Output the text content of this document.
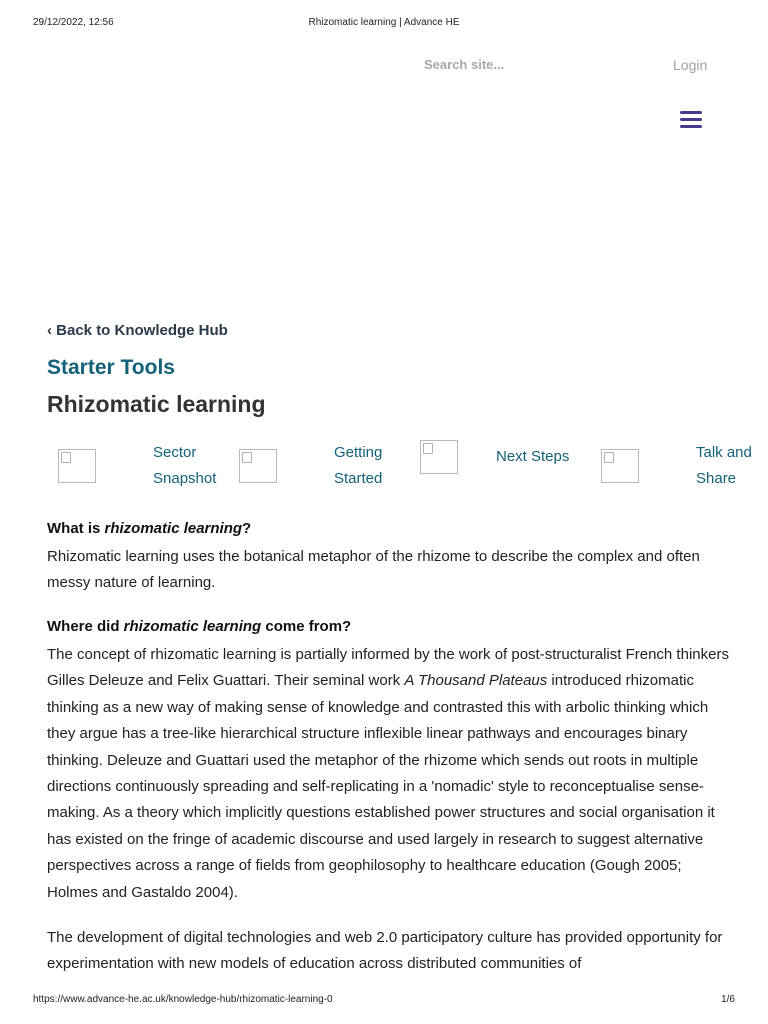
29/12/2022, 12:56	Rhizomatic learning | Advance HE
Search site...
Login
‹ Back to Knowledge Hub
Starter Tools
Rhizomatic learning
Sector
Snapshot
Getting
Started
Next Steps	Talk and
Share
What is rhizomatic learning?

Rhizomatic learning uses the botanical metaphor of the rhizome to describe the complex and often messy nature of learning.

Where did rhizomatic learning come from?

The concept of rhizomatic learning is partially informed by the work of post-structuralist French thinkers Gilles Deleuze and Felix Guattari. Their seminal work A Thousand Plateaus introduced rhizomatic thinking as a new way of making sense of knowledge and contrasted this with arbolic thinking which they argue has a tree-like hierarchical structure inflexible linear pathways and encourages binary thinking. Deleuze and Guattari used the metaphor of the rhizome which sends out roots in multiple directions continuously spreading and self-replicating in a 'nomadic' style to reconceptualise sense-making. As a theory which implicitly questions established power structures and social organisation it has existed on the fringe of academic discourse and used largely in research to suggest alternative perspectives across a range of fields from geophilosophy to healthcare education (Gough 2005; Holmes and Gastaldo 2004).

The development of digital technologies and web 2.0 participatory culture has provided opportunity for experimentation with new models of education across distributed communities of

https://www.advance-he.ac.uk/knowledge-hub/rhizomatic-learning-0	1/6
